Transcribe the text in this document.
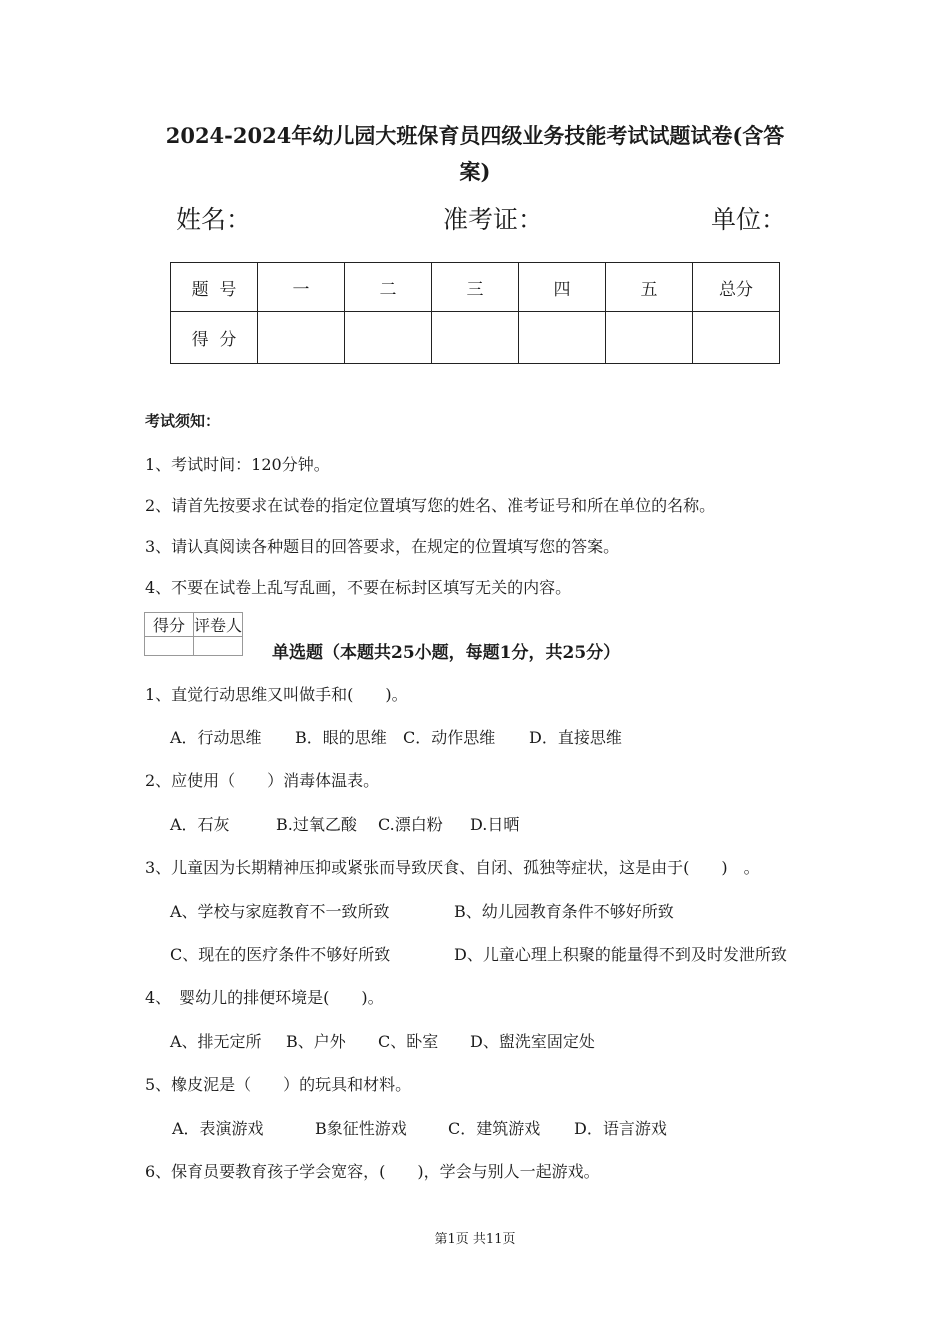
2024-2024年幼儿园大班保育员四级业务技能考试试题试卷(含答
案)
姓名：	准考证：	单位：
题  号	一	二	三	四	五	总分
得  分						
考试须知：
1、考试时间：120分钟。
2、请首先按要求在试卷的指定位置填写您的姓名、准考证号和所在单位的名称。
3、请认真阅读各种题目的回答要求，在规定的位置填写您的答案。
4、不要在试卷上乱写乱画，不要在标封区填写无关的内容。
得分	评卷人

单选题（本题共25小题，每题1分，共25分）
1、直觉行动思维又叫做手和(　　)。
A．行动思维 B．眼的思维 C．动作思维 D．直接思维
2、应使用（　　）消毒体温表。
A．石灰	B.过氧乙酸 C.漂白粉 D.日晒
3、儿童因为长期精神压抑或紧张而导致厌食、自闭、孤独等症状，这是由于(　　)　。
A、学校与家庭教育不一致所致	B、幼儿园教育条件不够好所致
C、现在的医疗条件不够好所致	D、儿童心理上积聚的能量得不到及时发泄所致
4、　婴幼儿的排便环境是(　　)。
A、排无定所 B、户外 C、卧室 D、盥洗室固定处
5、橡皮泥是（　　）的玩具和材料。
A．表演游戏	B象征性游戏	C．建筑游戏 D．语言游戏
6、保育员要教育孩子学会宽容，(　　)，学会与别人一起游戏。
第1页 共11页
